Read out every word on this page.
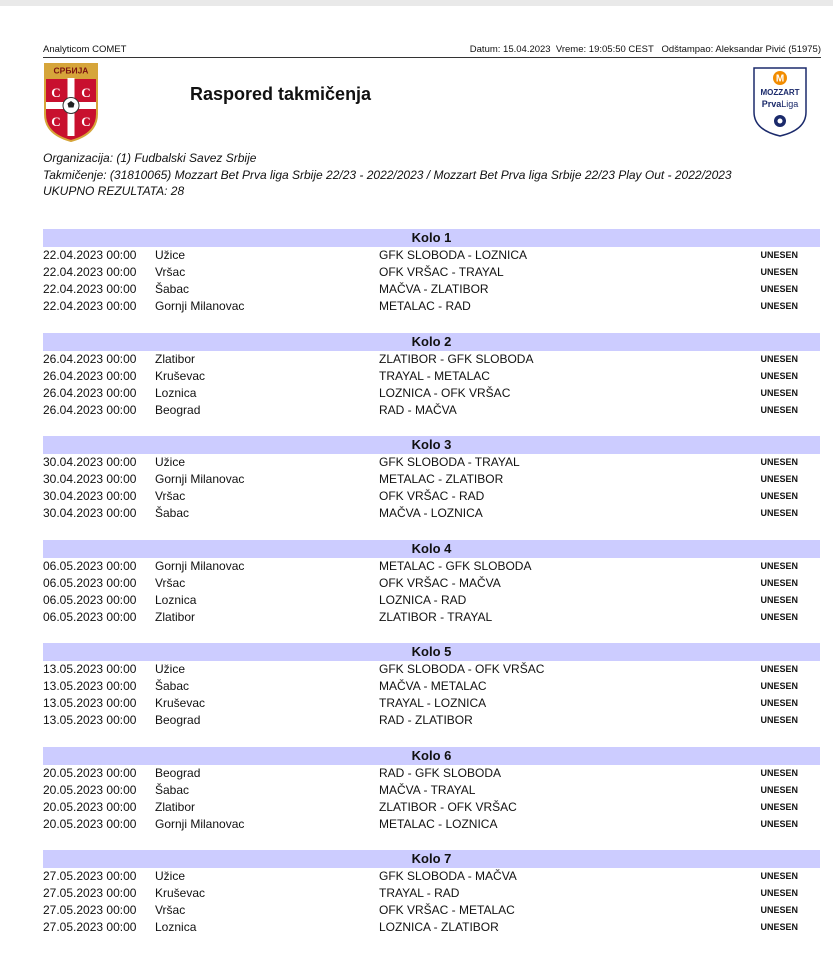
Analyticom COMET	Datum: 15.04.2023 Vreme: 19:05:50 CEST Odštampao: Aleksandar Pivić (51975)
СРБИЈА
C C
C C
M
MOZZART
PrvaLiga
Raspored takmičenja
Organizacija: (1) Fudbalski Savez Srbije
Takmičenje: (31810065) Mozzart Bet Prva liga Srbije 22/23 - 2022/2023 / Mozzart Bet Prva liga Srbije 22/23 Play Out - 2022/2023
UKUPNO REZULTATA: 28
Kolo 1
22.04.2023 00:00 Užice	GFK SLOBODA - LOZNICA	UNESEN
22.04.2023 00:00 Vršac	OFK VRŠAC - TRAYAL	UNESEN
22.04.2023 00:00 Šabac	MAČVA - ZLATIBOR	UNESEN
22.04.2023 00:00 Gornji Milanovac	METALAC - RAD	UNESEN
Kolo 2
26.04.2023 00:00 Zlatibor	ZLATIBOR - GFK SLOBODA	UNESEN
26.04.2023 00:00 Kruševac	TRAYAL - METALAC	UNESEN
26.04.2023 00:00 Loznica	LOZNICA - OFK VRŠAC	UNESEN
26.04.2023 00:00 Beograd	RAD - MAČVA	UNESEN
Kolo 3
30.04.2023 00:00 Užice	GFK SLOBODA - TRAYAL	UNESEN
30.04.2023 00:00 Gornji Milanovac	METALAC - ZLATIBOR	UNESEN
30.04.2023 00:00 Vršac	OFK VRŠAC - RAD	UNESEN
30.04.2023 00:00 Šabac	MAČVA - LOZNICA	UNESEN
Kolo 4
06.05.2023 00:00 Gornji Milanovac	METALAC - GFK SLOBODA	UNESEN
06.05.2023 00:00 Vršac	OFK VRŠAC - MAČVA	UNESEN
06.05.2023 00:00 Loznica	LOZNICA - RAD	UNESEN
06.05.2023 00:00 Zlatibor	ZLATIBOR - TRAYAL	UNESEN
Kolo 5
13.05.2023 00:00 Užice	GFK SLOBODA - OFK VRŠAC	UNESEN
13.05.2023 00:00 Šabac	MAČVA - METALAC	UNESEN
13.05.2023 00:00 Kruševac	TRAYAL - LOZNICA	UNESEN
13.05.2023 00:00 Beograd	RAD - ZLATIBOR	UNESEN
Kolo 6
20.05.2023 00:00 Beograd	RAD - GFK SLOBODA	UNESEN
20.05.2023 00:00 Šabac	MAČVA - TRAYAL	UNESEN
20.05.2023 00:00 Zlatibor	ZLATIBOR - OFK VRŠAC	UNESEN
20.05.2023 00:00 Gornji Milanovac	METALAC - LOZNICA	UNESEN
Kolo 7
27.05.2023 00:00 Užice	GFK SLOBODA - MAČVA	UNESEN
27.05.2023 00:00 Kruševac	TRAYAL - RAD	UNESEN
27.05.2023 00:00 Vršac	OFK VRŠAC - METALAC	UNESEN
27.05.2023 00:00 Loznica	LOZNICA - ZLATIBOR	UNESEN
